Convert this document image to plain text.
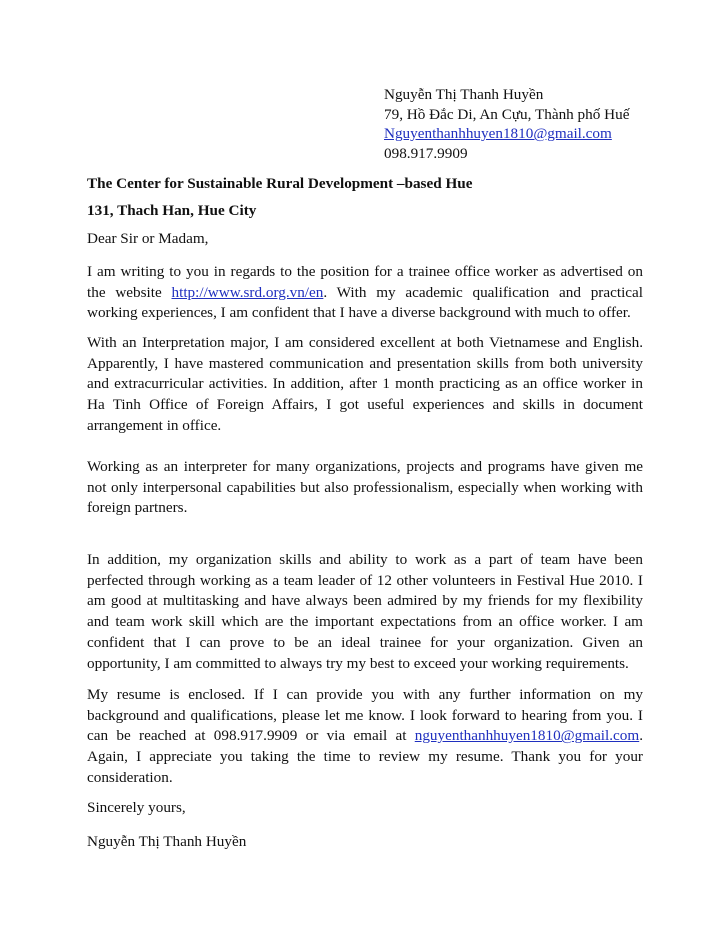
Nguyễn Thị Thanh Huyền
79, Hồ Đắc Di, An Cựu, Thành phố Huế
Nguyenthanhhuyen1810@gmail.com
098.917.9909
The Center for Sustainable Rural Development –based Hue
131, Thach Han, Hue City
Dear Sir or Madam,

I am writing to you in regards to the position for a trainee office worker as advertised on the website http://www.srd.org.vn/en. With my academic qualification and practical working experiences, I am confident that I have a diverse background with much to offer.

With an Interpretation major, I am considered excellent at both Vietnamese and English. Apparently, I have mastered communication and presentation skills from both university and extracurricular activities. In addition, after 1 month practicing as an office worker in Ha Tinh Office of Foreign Affairs, I got useful experiences and skills in document arrangement in office.

Working as an interpreter for many organizations, projects and programs have given me not only interpersonal capabilities but also professionalism, especially when working with foreign partners.

In addition, my organization skills and ability to work as a part of team have been perfected through working as a team leader of 12 other volunteers in Festival Hue 2010. I am good at multitasking and have always been admired by my friends for my flexibility and team work skill which are the important expectations from an office worker. I am confident that I can prove to be an ideal trainee for your organization. Given an opportunity, I am committed to always try my best to exceed your working requirements.

My resume is enclosed. If I can provide you with any further information on my background and qualifications, please let me know. I look forward to hearing from you. I can be reached at 098.917.9909 or via email at nguyenthanhhuyen1810@gmail.com. Again, I appreciate you taking the time to review my resume. Thank you for your consideration.

Sincerely yours,
Nguyễn Thị Thanh Huyền
